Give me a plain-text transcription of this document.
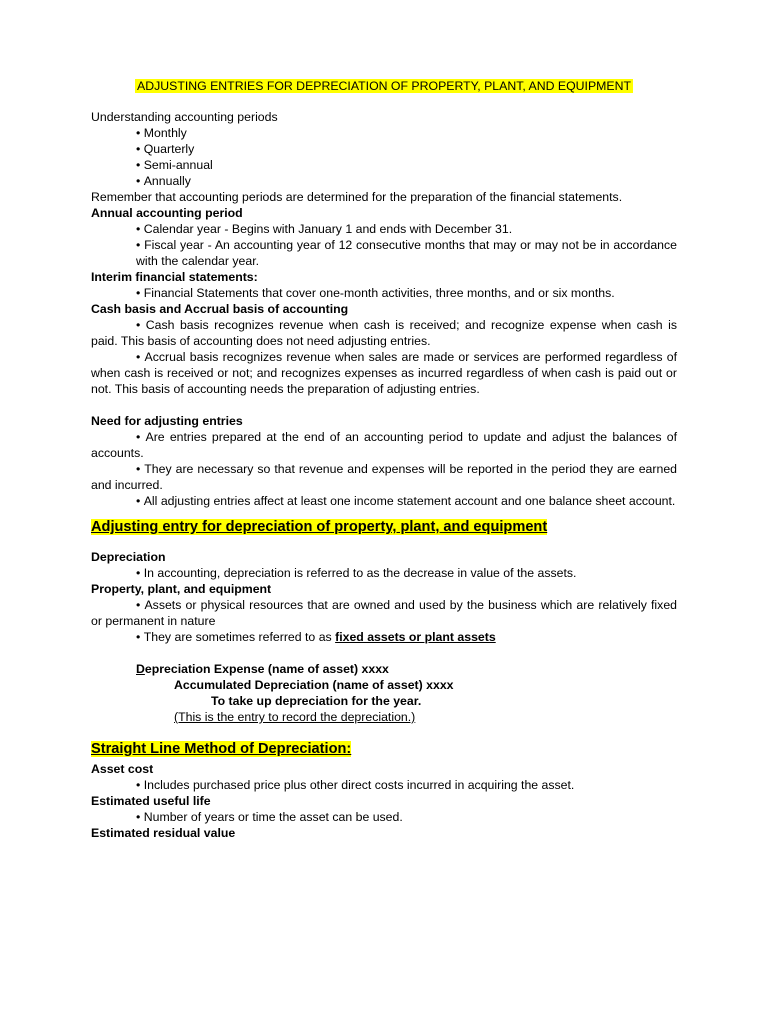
ADJUSTING ENTRIES FOR DEPRECIATION OF PROPERTY, PLANT, AND EQUIPMENT

Understanding accounting periods

• Monthly

• Quarterly

• Semi-annual

• Annually

Remember that accounting periods are determined for the preparation of the financial statements.

Annual accounting period

• Calendar year - Begins with January 1 and ends with December 31.

• Fiscal year - An accounting year of 12 consecutive months that may or may not be in accordance with the calendar year.

Interim financial statements:

• Financial Statements that cover one-month activities, three months, and or six months.

Cash basis and Accrual basis of accounting

• Cash basis recognizes revenue when cash is received; and recognize expense when cash is paid. This basis of accounting does not need adjusting entries.

• Accrual basis recognizes revenue when sales are made or services are performed regardless of when cash is received or not; and recognizes expenses as incurred regardless of when cash is paid out or not. This basis of accounting needs the preparation of adjusting entries.

Need for adjusting entries

• Are entries prepared at the end of an accounting period to update and adjust the balances of accounts.

• They are necessary so that revenue and expenses will be reported in the period they are earned and incurred.

• All adjusting entries affect at least one income statement account and one balance sheet account.

Adjusting entry for depreciation of property, plant, and equipment

Depreciation

• In accounting, depreciation is referred to as the decrease in value of the assets.

Property, plant, and equipment

• Assets or physical resources that are owned and used by the business which are relatively fixed or permanent in nature

• They are sometimes referred to as fixed assets or plant assets

Depreciation Expense (name of asset) xxxx

Accumulated Depreciation (name of asset) xxxx

To take up depreciation for the year.

(This is the entry to record the depreciation.)

Straight Line Method of Depreciation:

Asset cost

• Includes purchased price plus other direct costs incurred in acquiring the asset.

Estimated useful life

• Number of years or time the asset can be used.

Estimated residual value
